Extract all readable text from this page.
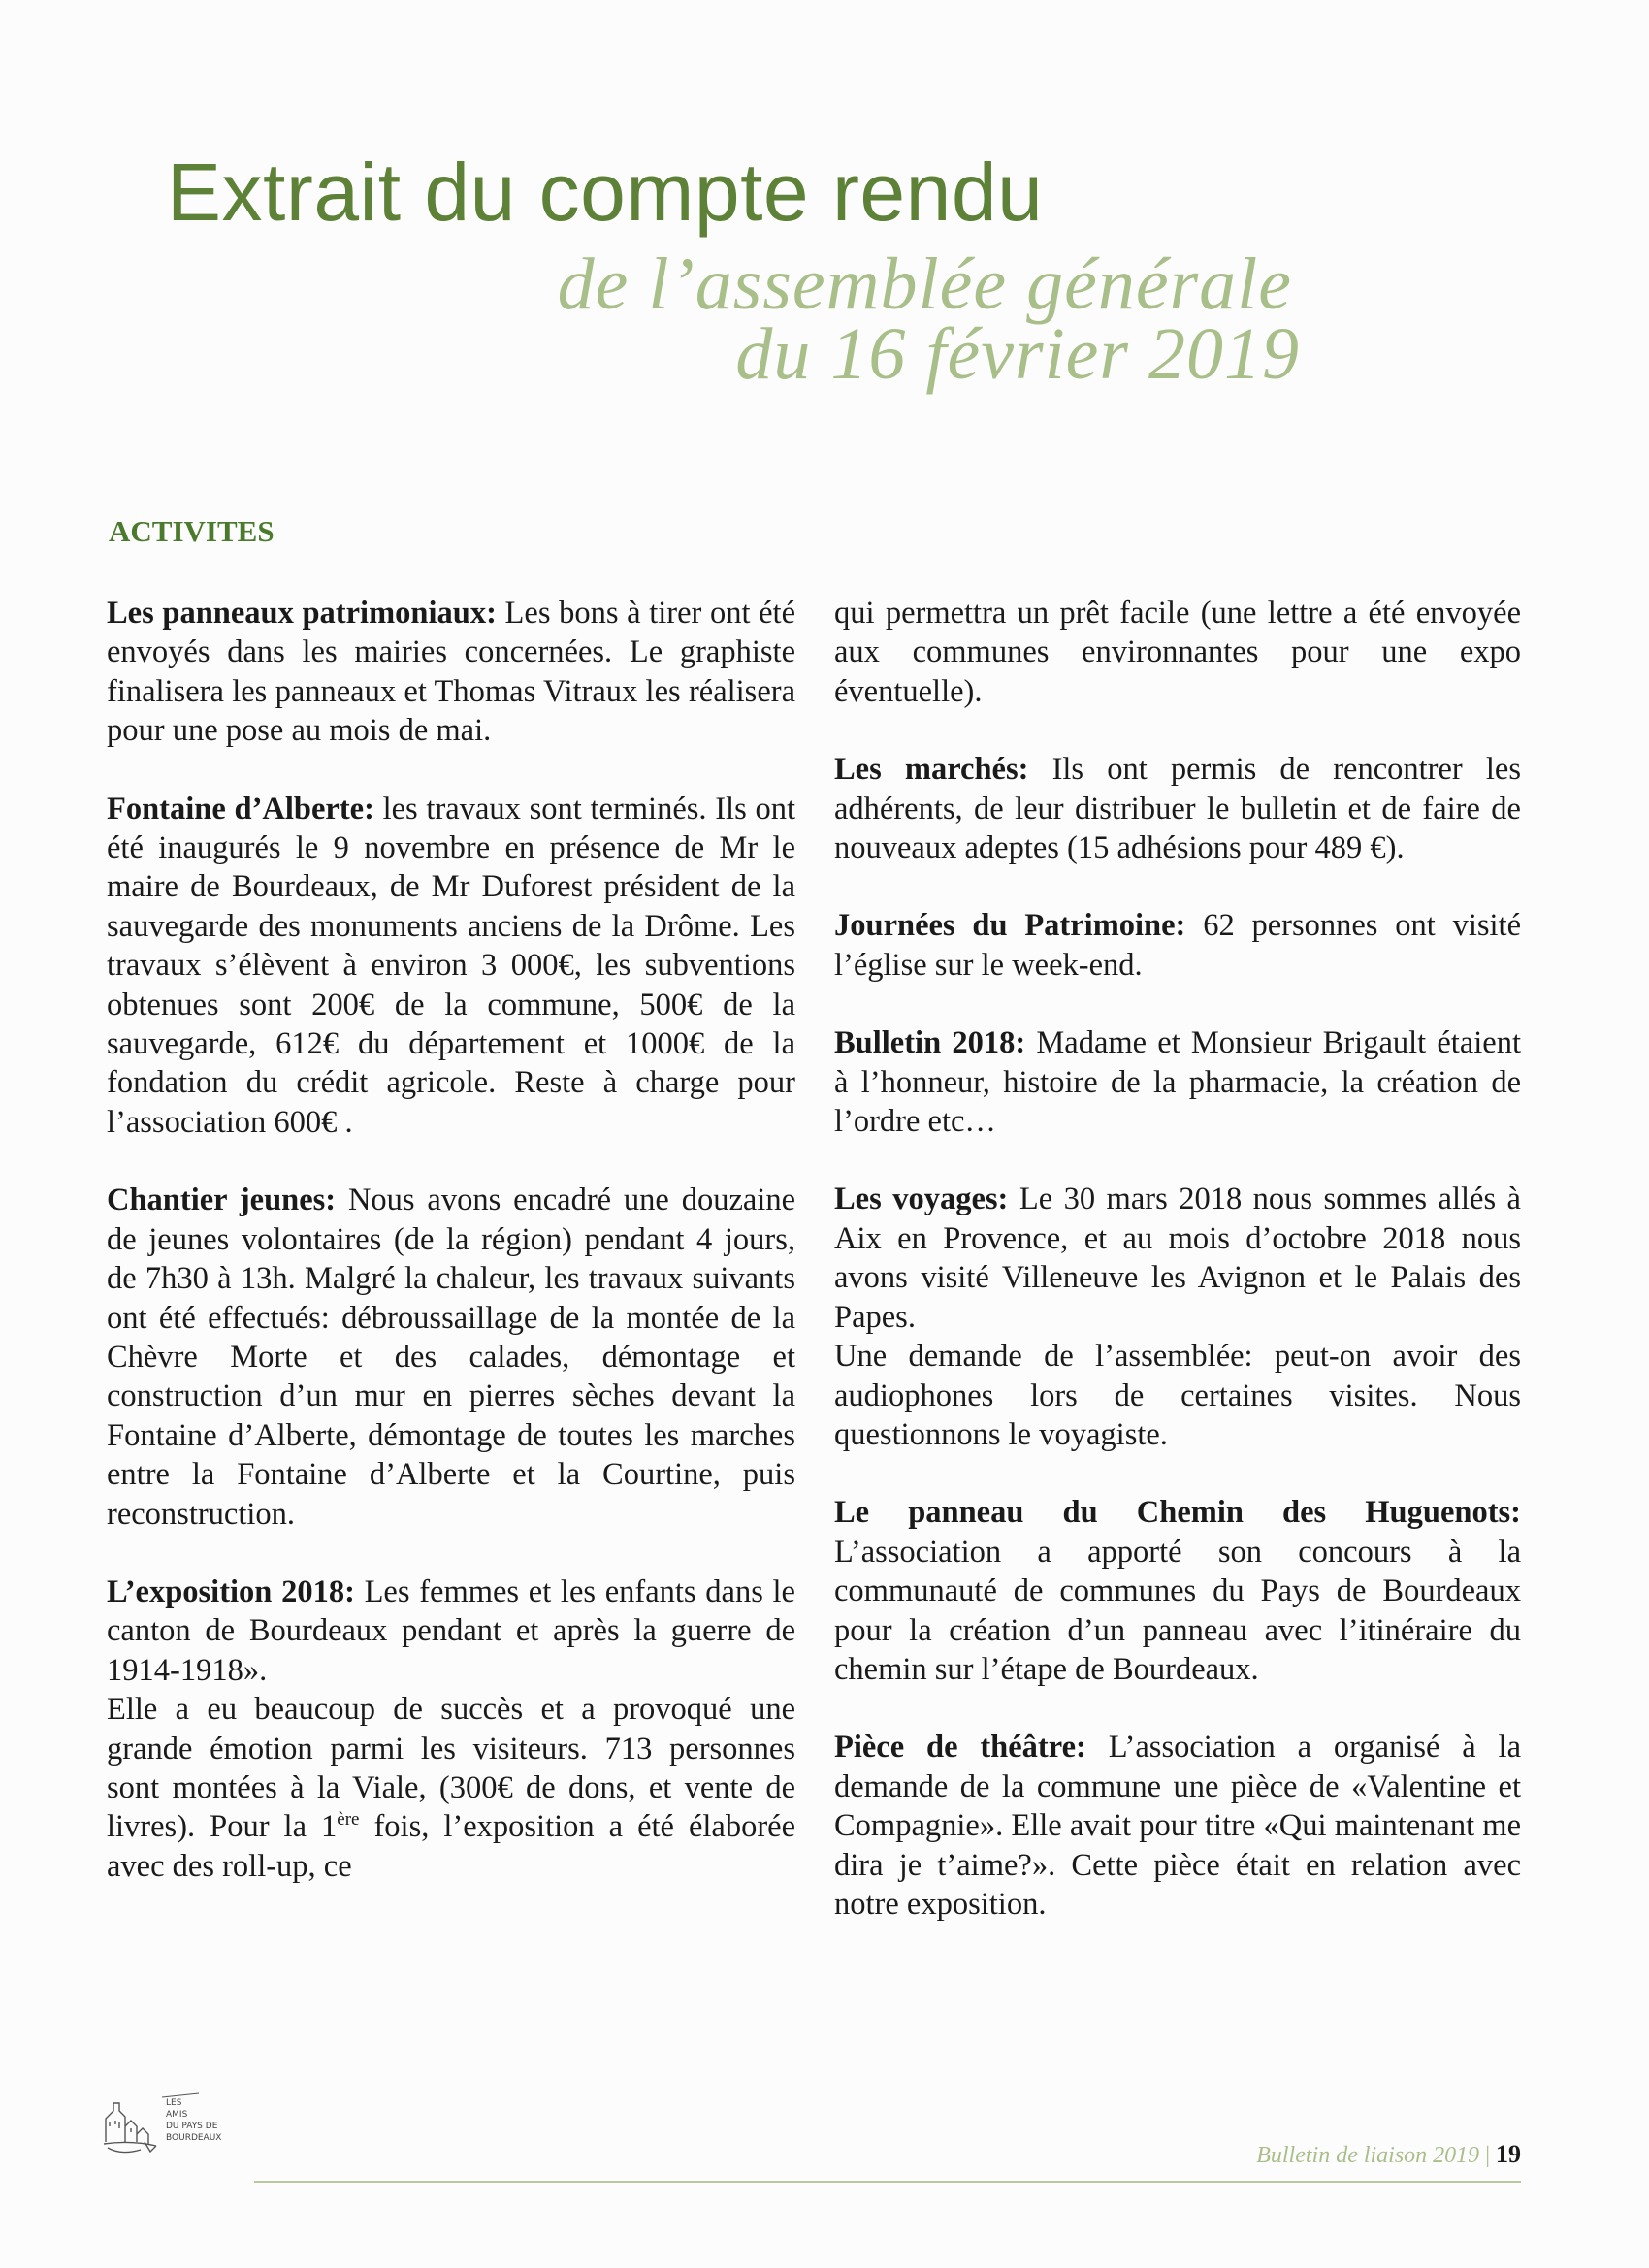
Extrait du compte rendu
de l’assemblée générale
du 16 février 2019
ACTIVITES

Les panneaux patrimoniaux: Les bons à tirer ont été envoyés dans les mairies concernées. Le graphiste finalisera les panneaux et Thomas Vitraux les réalisera pour une pose au mois de mai.

Fontaine d’Alberte: les travaux sont terminés. Ils ont été inaugurés le 9 novembre en présence de Mr le maire de Bourdeaux, de Mr Duforest président de la sauvegarde des monuments anciens de la Drôme. Les travaux s’élèvent à environ 3 000€, les subventions obtenues sont 200€ de la commune, 500€ de la sauvegarde, 612€ du département et 1000€ de la fondation du crédit agricole. Reste à charge pour l’association 600€ .

Chantier jeunes: Nous avons encadré une douzaine de jeunes volontaires (de la région) pendant 4 jours, de 7h30 à 13h. Malgré la chaleur, les travaux suivants ont été effectués: débroussaillage de la montée de la Chèvre Morte et des calades, démontage et construction d’un mur en pierres sèches devant la Fontaine d’Alberte, démontage de toutes les marches entre la Fontaine d’Alberte et la Courtine, puis reconstruction.

L’exposition 2018: Les femmes et les enfants dans le canton de Bourdeaux pendant et après la guerre de 1914-1918».
Elle a eu beaucoup de succès et a provoqué une grande émotion parmi les visiteurs. 713 personnes sont montées à la Viale, (300€ de dons, et vente de livres). Pour la 1ère fois, l’exposition a été élaborée avec des roll-up, ce

qui permettra un prêt facile (une lettre a été envoyée aux communes environnantes pour une expo éventuelle).

Les marchés: Ils ont permis de rencontrer les adhérents, de leur distribuer le bulletin et de faire de nouveaux adeptes (15 adhésions pour 489 €).

Journées du Patrimoine: 62 personnes ont visité l’église sur le week-end.

Bulletin 2018: Madame et Monsieur Brigault étaient à l’honneur, histoire de la pharmacie, la création de l’ordre etc…

Les voyages: Le 30 mars 2018 nous sommes allés à Aix en Provence, et au mois d’octobre 2018 nous avons visité Villeneuve les Avignon et le Palais des Papes.
Une demande de l’assemblée: peut-on avoir des audiophones lors de certaines visites. Nous questionnons le voyagiste.

Le panneau du Chemin des Huguenots: L’association a apporté son concours à la communauté de communes du Pays de Bourdeaux pour la création d’un panneau avec l’itinéraire du chemin sur l’étape de Bourdeaux.

Pièce de théâtre: L’association a organisé à la demande de la commune une pièce de «Valentine et Compagnie». Elle avait pour titre «Qui maintenant me dira je t’aime?». Cette pièce était en relation avec notre exposition.

LES
AMIS
DU PAYS DE
BOURDEAUX
Bulletin de liaison 2019 | 19
